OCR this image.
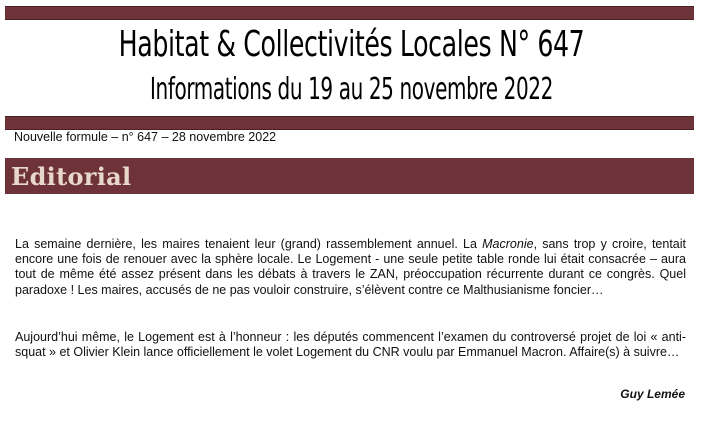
Habitat & Collectivités Locales N° 647
Informations du 19 au 25 novembre 2022
Nouvelle formule – n° 647 – 28 novembre 2022
Editorial
La semaine dernière, les maires tenaient leur (grand) rassemblement annuel. La Macronie, sans trop y croire, tentait encore une fois de renouer avec la sphère locale. Le Logement - une seule petite table ronde lui était consacrée – aura tout de même été assez présent dans les débats à travers le ZAN, préoccupation récurrente durant ce congrès. Quel paradoxe ! Les maires, accusés de ne pas vouloir construire, s’élèvent contre ce Malthusianisme foncier…
Aujourd’hui même, le Logement est à l’honneur : les députés commencent l’examen du controversé projet de loi « anti-squat » et Olivier Klein lance officiellement le volet Logement du CNR voulu par Emmanuel Macron. Affaire(s) à suivre…
Guy Lemée
